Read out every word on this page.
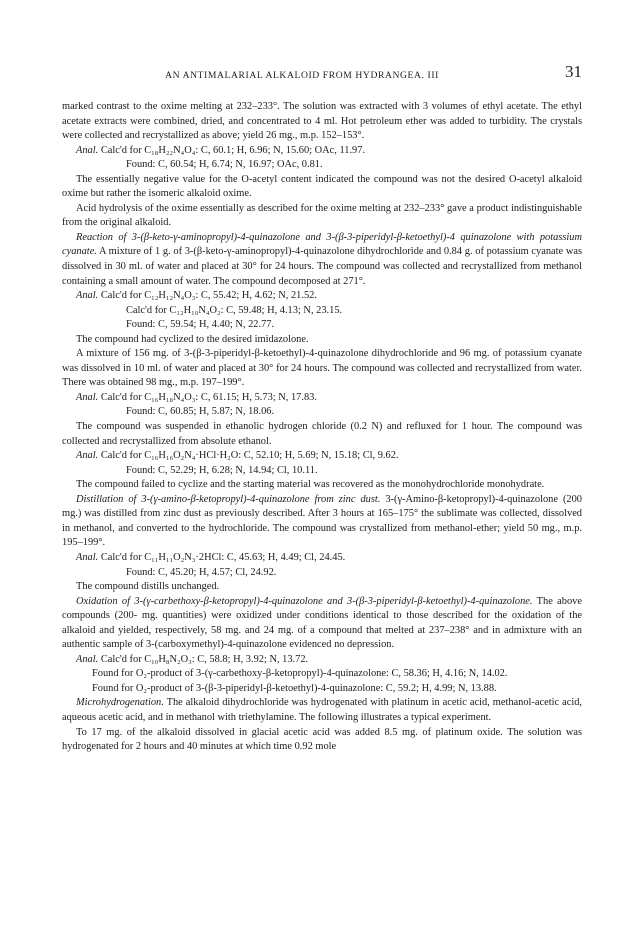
AN ANTIMALARIAL ALKALOID FROM HYDRANGEA. III	31

marked contrast to the oxime melting at 232–233°. The solution was extracted with 3 volumes of ethyl acetate. The ethyl acetate extracts were combined, dried, and concentrated to 4 ml. Hot petroleum ether was added to turbidity. The crystals were collected and recrystallized as above; yield 26 mg., m.p. 152–153°.

Anal. Calc'd for C₁₈H₂₂N₄O₄: C, 60.1; H, 6.96; N, 15.60; OAc, 11.97.

Found: C, 60.54; H, 6.74; N, 16.97; OAc, 0.81.

The essentially negative value for the O-acetyl content indicated the compound was not the desired O-acetyl alkaloid oxime but rather the isomeric alkaloid oxime.

Acid hydrolysis of the oxime essentially as described for the oxime melting at 232–233° gave a product indistinguishable from the original alkaloid.

Reaction of 3-(β-keto-γ-aminopropyl)-4-quinazolone and 3-(β-3-piperidyl-β-ketoethyl)-4 quinazolone with potassium cyanate. A mixture of 1 g. of 3-(β-keto-γ-aminopropyl)-4-quinazolone dihydrochloride and 0.84 g. of potassium cyanate was dissolved in 30 ml. of water and placed at 30° for 24 hours. The compound was collected and recrystallized from methanol containing a small amount of water. The compound decomposed at 271°.

Anal. Calc'd for C₁₂H₁₂N₄O₃: C, 55.42; H, 4.62; N, 21.52.

Calc'd for C₁₂H₁₀N₄O₂: C, 59.48; H, 4.13; N, 23.15.

Found: C, 59.54; H, 4.40; N, 22.77.

The compound had cyclized to the desired imidazolone.

A mixture of 156 mg. of 3-(β-3-piperidyl-β-ketoethyl)-4-quinazolone dihydrochloride and 96 mg. of potassium cyanate was dissolved in 10 ml. of water and placed at 30° for 24 hours. The compound was collected and recrystallized from water. There was obtained 98 mg., m.p. 197–199°.

Anal. Calc'd for C₁₆H₁₈N₄O₃: C, 61.15; H, 5.73; N, 17.83.

Found: C, 60.85; H, 5.87; N, 18.06.

The compound was suspended in ethanolic hydrogen chloride (0.2 N) and refluxed for 1 hour. The compound was collected and recrystallized from absolute ethanol.

Anal. Calc'd for C₁₆H₁₆O₂N₄·HCl·H₂O: C, 52.10; H, 5.69; N, 15.18; Cl, 9.62.

Found: C, 52.29; H, 6.28; N, 14.94; Cl, 10.11.

The compound failed to cyclize and the starting material was recovered as the monohydrochloride monohydrate.

Distillation of 3-(γ-amino-β-ketopropyl)-4-quinazolone from zinc dust. 3-(γ-Amino-β-ketopropyl)-4-quinazolone (200 mg.) was distilled from zinc dust as previously described. After 3 hours at 165–175° the sublimate was collected, dissolved in methanol, and converted to the hydrochloride. The compound was crystallized from methanol-ether; yield 50 mg., m.p. 195–199°.

Anal. Calc'd for C₁₁H₁₁O₂N₃·2HCl: C, 45.63; H, 4.49; Cl, 24.45.

Found: C, 45.20; H, 4.57; Cl, 24.92.

The compound distills unchanged.

Oxidation of 3-(γ-carbethoxy-β-ketopropyl)-4-quinazolone and 3-(β-3-piperidyl-β-ketoethyl)-4-quinazolone. The above compounds (200- mg. quantities) were oxidized under conditions identical to those described for the oxidation of the alkaloid and yielded, respectively, 58 mg. and 24 mg. of a compound that melted at 237–238° and in admixture with an authentic sample of 3-(carboxymethyl)-4-quinazolone evidenced no depression.

Anal. Calc'd for C₁₀H₈N₂O₃: C, 58.8; H, 3.92; N, 13.72.

Found for O₂-product of 3-(γ-carbethoxy-β-ketopropyl)-4-quinazolone: C, 58.36; H, 4.16; N, 14.02.

Found for O₂-product of 3-(β-3-piperidyl-β-ketoethyl)-4-quinazolone: C, 59.2; H, 4.99; N, 13.88.

Microhydrogenation. The alkaloid dihydrochloride was hydrogenated with platinum in acetic acid, methanol-acetic acid, aqueous acetic acid, and in methanol with triethylamine. The following illustrates a typical experiment.

To 17 mg. of the alkaloid dissolved in glacial acetic acid was added 8.5 mg. of platinum oxide. The solution was hydrogenated for 2 hours and 40 minutes at which time 0.92 mole
